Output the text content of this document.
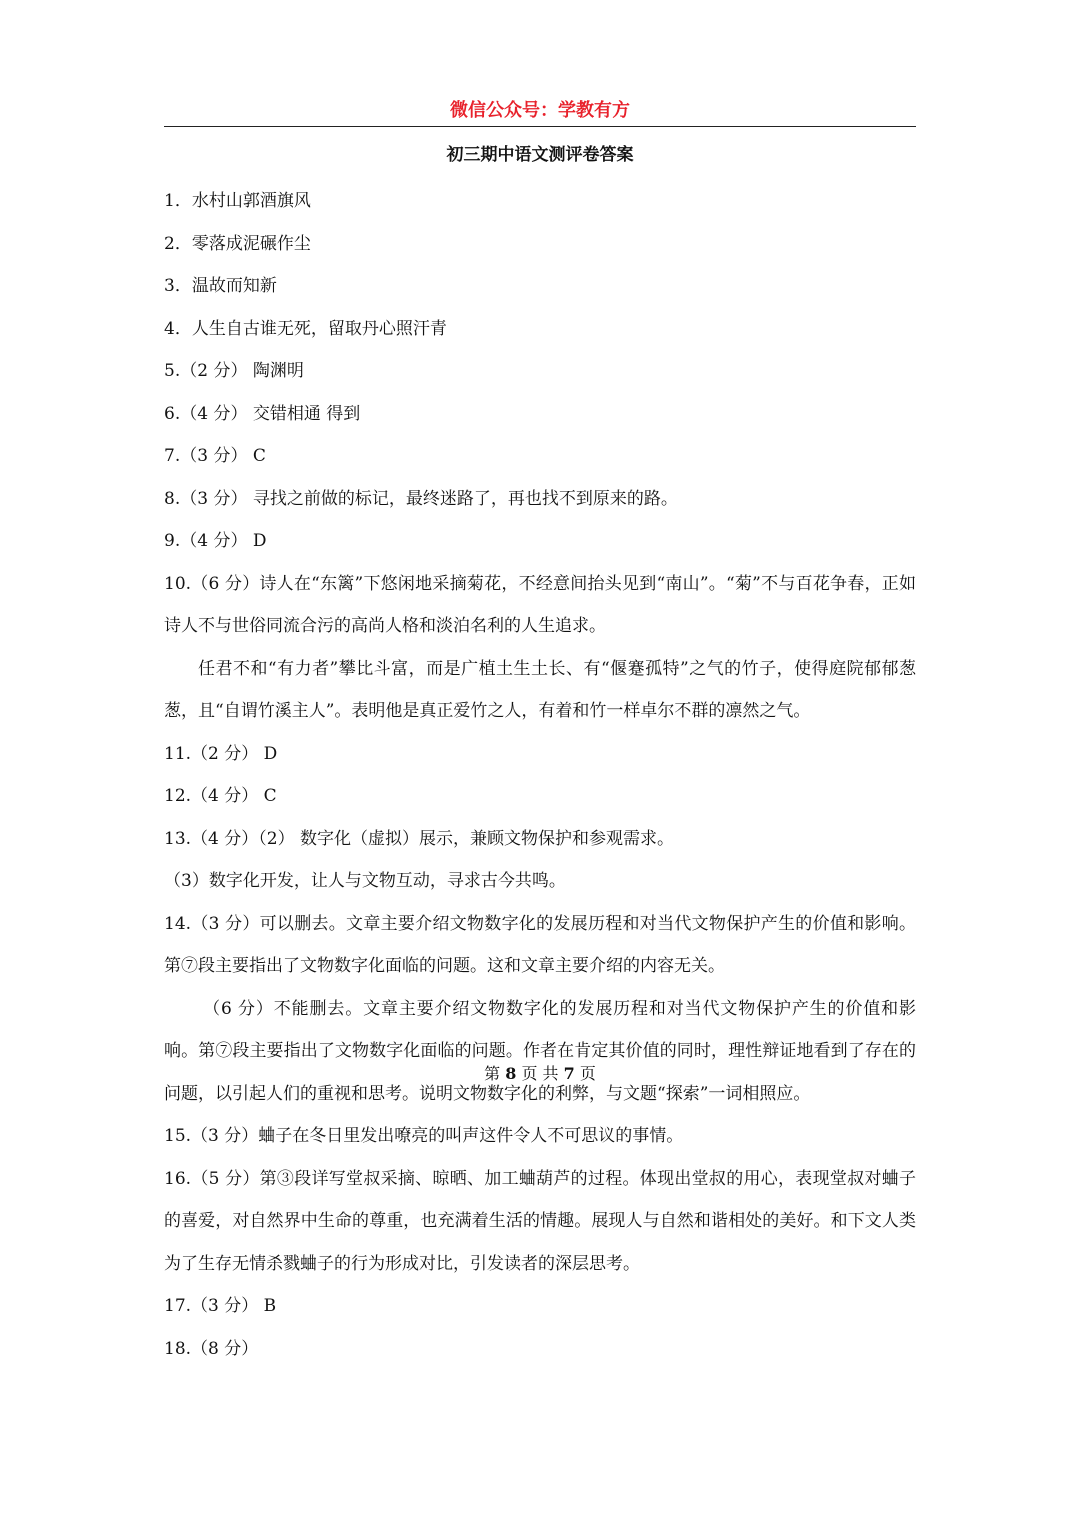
微信公众号：学教有方
初三期中语文测评卷答案

1．水村山郭酒旗风

2．零落成泥碾作尘

3．温故而知新

4．人生自古谁无死，留取丹心照汗青

5.（2 分） 陶渊明

6.（4 分） 交错相通 得到

7.（3 分） C

8.（3 分） 寻找之前做的标记，最终迷路了，再也找不到原来的路。

9.（4 分） D

10.（6 分）诗人在“东篱”下悠闲地采摘菊花，不经意间抬头见到“南山”。“菊”不与百花争春，正如诗人不与世俗同流合污的高尚人格和淡泊名利的人生追求。

任君不和“有力者”攀比斗富，而是广植土生土长、有“偃蹇孤特”之气的竹子，使得庭院郁郁葱葱，且“自谓竹溪主人”。表明他是真正爱竹之人，有着和竹一样卓尔不群的凛然之气。

11.（2 分） D

12.（4 分） C

13.（4 分）（2） 数字化（虚拟）展示，兼顾文物保护和参观需求。

（3）数字化开发，让人与文物互动，寻求古今共鸣。

14.（3 分）可以删去。文章主要介绍文物数字化的发展历程和对当代文物保护产生的价值和影响。第⑦段主要指出了文物数字化面临的问题。这和文章主要介绍的内容无关。

（6 分）不能删去。文章主要介绍文物数字化的发展历程和对当代文物保护产生的价值和影响。第⑦段主要指出了文物数字化面临的问题。作者在肯定其价值的同时，理性辩证地看到了存在的问题，以引起人们的重视和思考。说明文物数字化的利弊，与文题“探索”一词相照应。

15.（3 分）蛐子在冬日里发出嘹亮的叫声这件令人不可思议的事情。

16.（5 分）第③段详写堂叔采摘、晾晒、加工蛐葫芦的过程。体现出堂叔的用心，表现堂叔对蛐子的喜爱，对自然界中生命的尊重，也充满着生活的情趣。展现人与自然和谐相处的美好。和下文人类为了生存无情杀戮蛐子的行为形成对比，引发读者的深层思考。

17.（3 分） B

18.（8 分）

第 8 页 共 7 页
